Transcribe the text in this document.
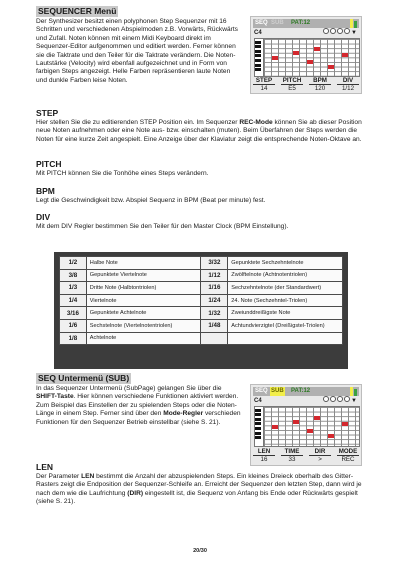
SEQUENCER Menü
Der Synthesizer besitzt einen polyphonen Step Sequenzer mit 16 Schritten und verschiedenen Abspielmoden z.B. Vorwärts, Rückwärts und Zufall. Noten können mit einem Midi Keyboard direkt im Sequenzer-Editor aufgenommen und editiert werden. Ferner können sie die Taktrate und den Teiler für die Taktrate verändern. Die Noten-Lautstärke (Velocity) wird ebenfall aufgezeichnet und in Form von farbigen Steps angezeigt. Helle Farben repräsentieren laute Noten und dunkle Farben leise Noten.
SEQ SUB PAT:12
C4	▼
STEP	PITCH	BPM	DIV
14	E5	120	1/12
STEP
Hier stellen Sie die zu editierenden STEP Position ein. Im Sequenzer REC-Mode können Sie ab dieser Position neue Noten aufnehmen oder eine Note aus- bzw. einschalten (muten). Beim Überfahren der Steps werden die Noten für eine kurze Zeit angespielt. Eine Anzeige über der Klaviatur zeigt die entsprechende Noten-Oktave an.
PITCH
Mit PITCH können Sie die Tonhöhe eines Steps verändern.
BPM
Legt die Geschwindigkeit bzw. Abspiel Sequenz in BPM (Beat per minute) fest.
DIV
Mit dem DIV Regler bestimmen Sie den Teiler für den Master Clock (BPM Einstellung).
1/2	Halbe Note	3/32	Gepunktete Sechzehntelnote
3/8	Gepunktete Viertelnote	1/12	Zwölftelnote (Achtnotentriolen)
1/3	Dritte Note (Halbtontriolen)	1/16	Sechzehntelnote (der Standardwert)
1/4	Viertelnote	1/24	24. Note (Sechzehntel-Triolen)
3/16	Gepunktete Achtelnote	1/32	Zweiunddreißigste Note
1/6	Sechstelnote (Viertelnotentriolen)	1/48	Achtundvierzigtel (Dreißigstel-Triolen)
1/8	Achtelnote		
SEQ Untermenü (SUB)
In das Sequenzer Untermenü (SubPage) gelangen Sie über die SHIFT-Taste. Hier können verschiedene Funktionen aktiviert werden. Zum Beispiel das Einstellen der zu spielenden Steps oder die Noten-Länge in einem Step. Ferner sind über den Mode-Regler verschieden Funktionen für den Sequenzer Betrieb einstellbar (siehe S. 21).
SEQ SUB PAT:12
C4	▼
LEN	TIME	DIR	MODE
16	33	>	REC
LEN
Der Parameter LEN bestimmt die Anzahl der abzuspielenden Steps. Ein kleines Dreieck oberhalb des Gitter-Rasters zeigt die Endposition der Sequenzer-Schleife an. Erreicht der Sequenzer den letzten Step, dann wird je nach dem wie die Laufrichtung (DIR) eingestellt ist, die Sequenz von Anfang bis Ende oder Rückwärts gespielt (siehe S. 21).
20/30
